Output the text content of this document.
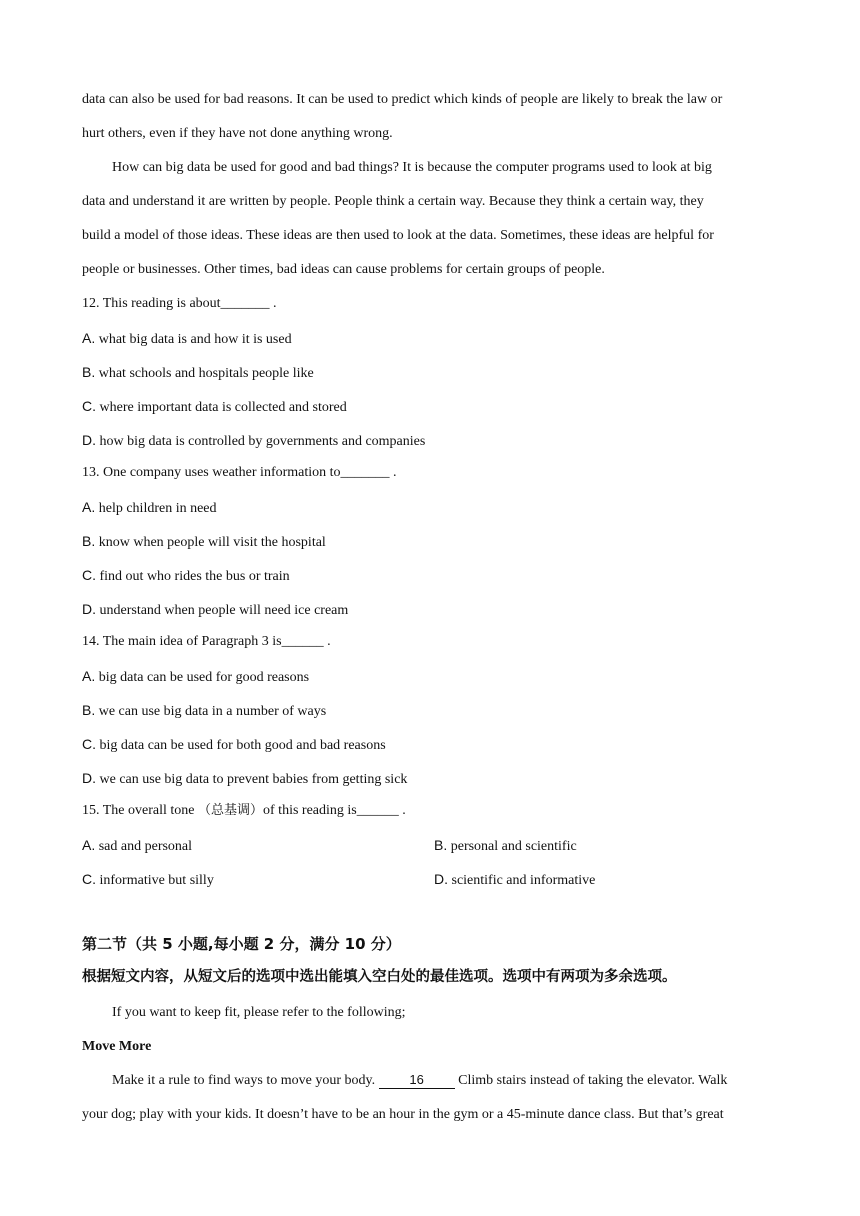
data can also be used for bad reasons. It can be used to predict which kinds of people are likely to break the law or
hurt others, even if they have not done anything wrong.
How can big data be used for good and bad things? It is because the computer programs used to look at big
data and understand it are written by people. People think a certain way. Because they think a certain way, they
build a model of those ideas. These ideas are then used to look at the data. Sometimes, these ideas are helpful for
people or businesses. Other times, bad ideas can cause problems for certain groups of people.
12. This reading is about_______ .
A. what big data is and how it is used
B. what schools and hospitals people like
C. where important data is collected and stored
D. how big data is controlled by governments and companies
13. One company uses weather information to_______ .
A. help children in need
B. know when people will visit the hospital
C. find out who rides the bus or train
D. understand when people will need ice cream
14. The main idea of Paragraph 3 is______ .
A. big data can be used for good reasons
B. we can use big data in a number of ways
C. big data can be used for both good and bad reasons
D. we can use big data to prevent babies from getting sick
15. The overall tone （总基调）of this reading is______ .
A. sad and personal	B. personal and scientific
C. informative but silly	D. scientific and informative
第二节（共 5 小题,每小题 2 分，满分 10 分）
根据短文内容，从短文后的选项中选出能填入空白处的最佳选项。选项中有两项为多余选项。
If you want to keep fit, please refer to the following;
Move More
Make it a rule to find ways to move your body. 16 Climb stairs instead of taking the elevator. Walk
your dog; play with your kids. It doesn’t have to be an hour in the gym or a 45-minute dance class. But that’s great
